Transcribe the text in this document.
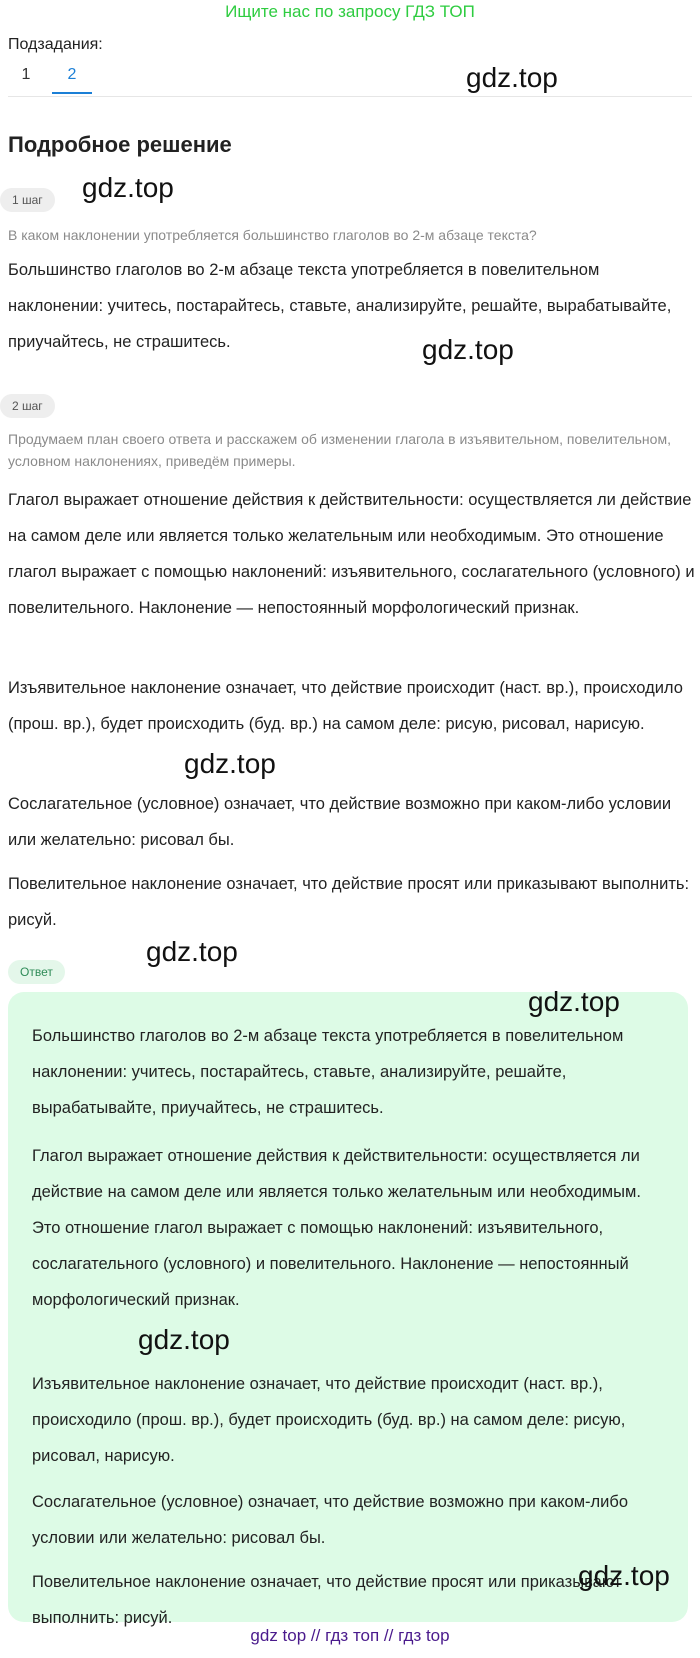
Ищите нас по запросу ГДЗ ТОП
Подзадания:
1	2	gdz.top
Подробное решение
1 шаг	gdz.top
В каком наклонении употребляется большинство глаголов во 2-м абзаце текста?
Большинство глаголов во 2-м абзаце текста употребляется в повелительном наклонении: учитесь, постарайтесь, ставьте, анализируйте, решайте, вырабатывайте, приучайтесь, не страшитесь.	gdz.top
2 шаг
Продумаем план своего ответа и расскажем об изменении глагола в изъявительном, повелительном, условном наклонениях, приведём примеры.
Глагол выражает отношение действия к действительности: осуществляется ли действие на самом деле или является только желательным или необходимым. Это отношение глагол выражает с помощью наклонений: изъявительного, сослагательного (условного) и повелительного. Наклонение — непостоянный морфологический признак.
Изъявительное наклонение означает, что действие происходит (наст. вр.), происходило (прош. вр.), будет происходить (буд. вр.) на самом деле: рисую, рисовал, нарисую.
gdz.top
Сослагательное (условное) означает, что действие возможно при каком-либо условии или желательно: рисовал бы.
Повелительное наклонение означает, что действие просят или приказывают выполнить: рисуй.
gdz.top
Ответ
gdz.top
Большинство глаголов во 2-м абзаце текста употребляется в повелительном наклонении: учитесь, постарайтесь, ставьте, анализируйте, решайте, вырабатывайте, приучайтесь, не страшитесь.
Глагол выражает отношение действия к действительности: осуществляется ли действие на самом деле или является только желательным или необходимым. Это отношение глагол выражает с помощью наклонений: изъявительного, сослагательного (условного) и повелительного. Наклонение — непостоянный морфологический признак.
gdz.top
Изъявительное наклонение означает, что действие происходит (наст. вр.), происходило (прош. вр.), будет происходить (буд. вр.) на самом деле: рисую, рисовал, нарисую.
Сослагательное (условное) означает, что действие возможно при каком-либо условии или желательно: рисовал бы.
Повелительное наклонение означает, что действие просят или приказывают выполнить: рисуй.
gdz.top
gdz top // гдз топ // гдз top
